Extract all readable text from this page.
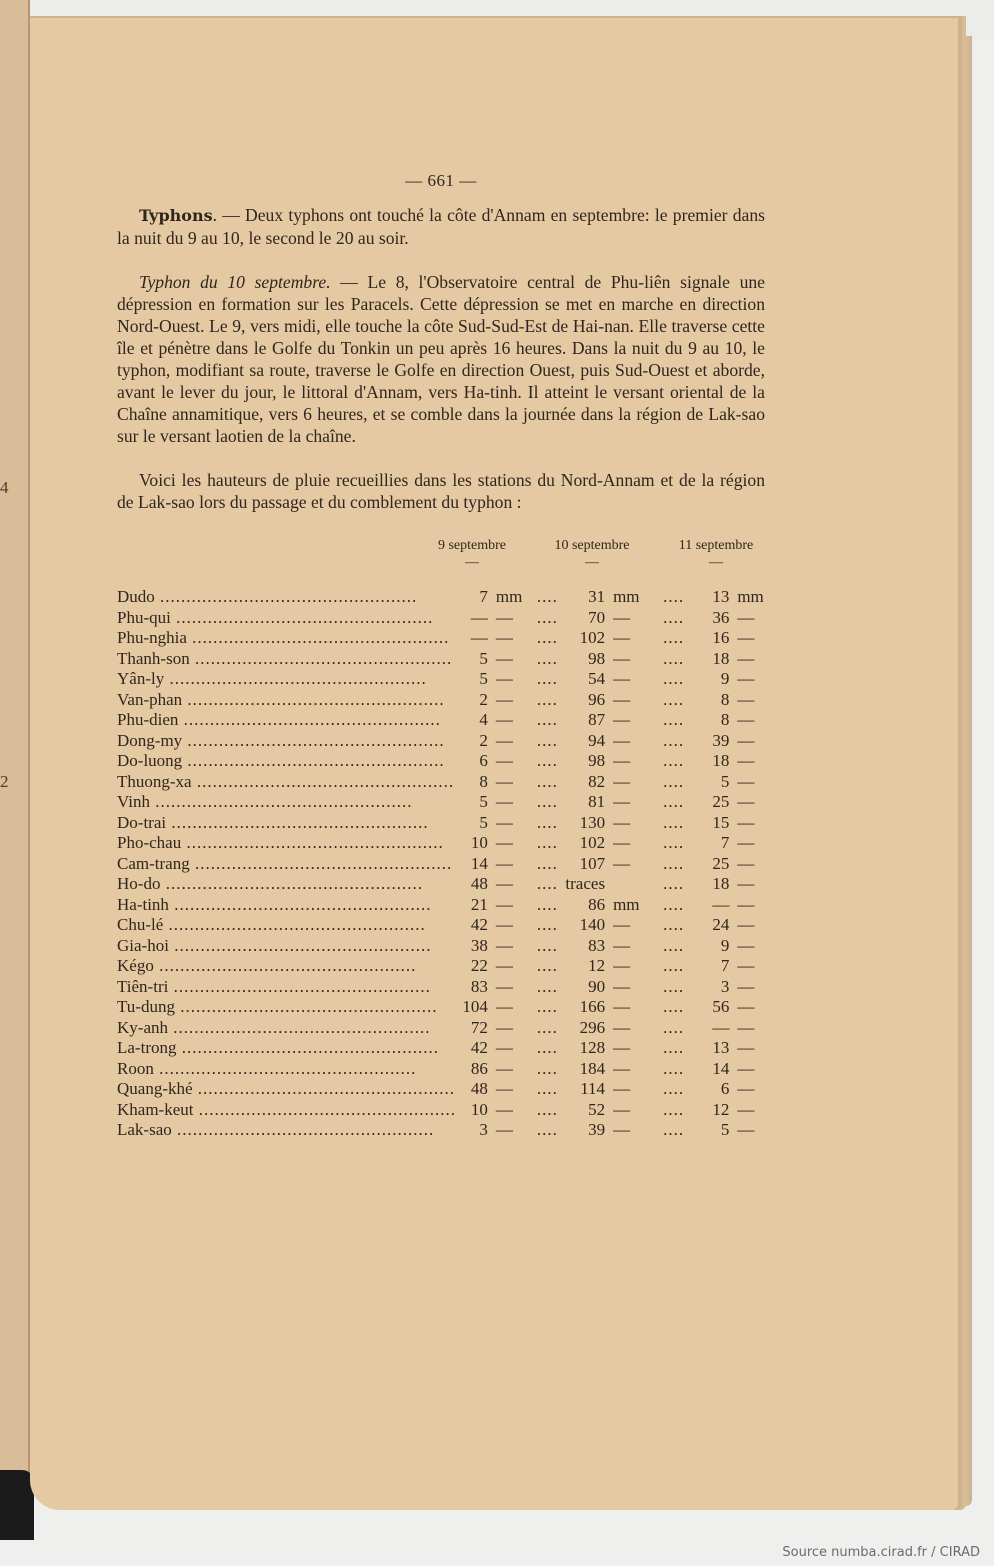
4
2
— 661 —

Typhons. — Deux typhons ont touché la côte d'Annam en septembre: le premier dans la nuit du 9 au 10, le second le 20 au soir.

Typhon du 10 septembre. — Le 8, l'Observatoire central de Phu-liên signale une dépression en formation sur les Paracels. Cette dépression se met en marche en direction Nord-Ouest. Le 9, vers midi, elle touche la côte Sud-Sud-Est de Hai-nan. Elle traverse cette île et pénètre dans le Golfe du Tonkin un peu après 16 heures. Dans la nuit du 9 au 10, le typhon, modifiant sa route, traverse le Golfe en direction Ouest, puis Sud-Ouest et aborde, avant le lever du jour, le littoral d'Annam, vers Ha-tinh. Il atteint le versant oriental de la Chaîne annamitique, vers 6 heures, et se comble dans la journée dans la région de Lak-sao sur le versant laotien de la chaîne.

Voici les hauteurs de pluie recueillies dans les stations du Nord-Annam et de la région de Lak-sao lors du passage et du comblement du typhon :

9 septembre	10 septembre	11 septembre
—	—	—
Dudo .....	7	mm	....	31	mm	....	13	mm
Phu-qui .....	—	—	....	70	—	....	36	—
Phu-nghia .....	—	—	....	102	—	....	16	—
Thanh-son .....	5	—	....	98	—	....	18	—
Yân-ly .....	5	—	....	54	—	....	9	—
Van-phan .....	2	—	....	96	—	....	8	—
Phu-dien .....	4	—	....	87	—	....	8	—
Dong-my .....	2	—	....	94	—	....	39	—
Do-luong .....	6	—	....	98	—	....	18	—
Thuong-xa .....	8	—	....	82	—	....	5	—
Vinh .....	5	—	....	81	—	....	25	—
Do-trai .....	5	—	....	130	—	....	15	—
Pho-chau .....	10	—	....	102	—	....	7	—
Cam-trang .....	14	—	....	107	—	....	25	—
Ho-do .....	48	—	....	traces		....	18	—
Ha-tinh .....	21	—	....	86	mm	....	—	—
Chu-lé .....	42	—	....	140	—	....	24	—
Gia-hoi .....	38	—	....	83	—	....	9	—
Kégo .....	22	—	....	12	—	....	7	—
Tiên-tri .....	83	—	....	90	—	....	3	—
Tu-dung .....	104	—	....	166	—	....	56	—
Ky-anh .....	72	—	....	296	—	....	—	—
La-trong .....	42	—	....	128	—	....	13	—
Roon .....	86	—	....	184	—	....	14	—
Quang-khé .....	48	—	....	114	—	....	6	—
Kham-keut .....	10	—	....	52	—	....	12	—
Lak-sao .....	3	—	....	39	—	....	5	—
Source numba.cirad.fr / CIRAD
